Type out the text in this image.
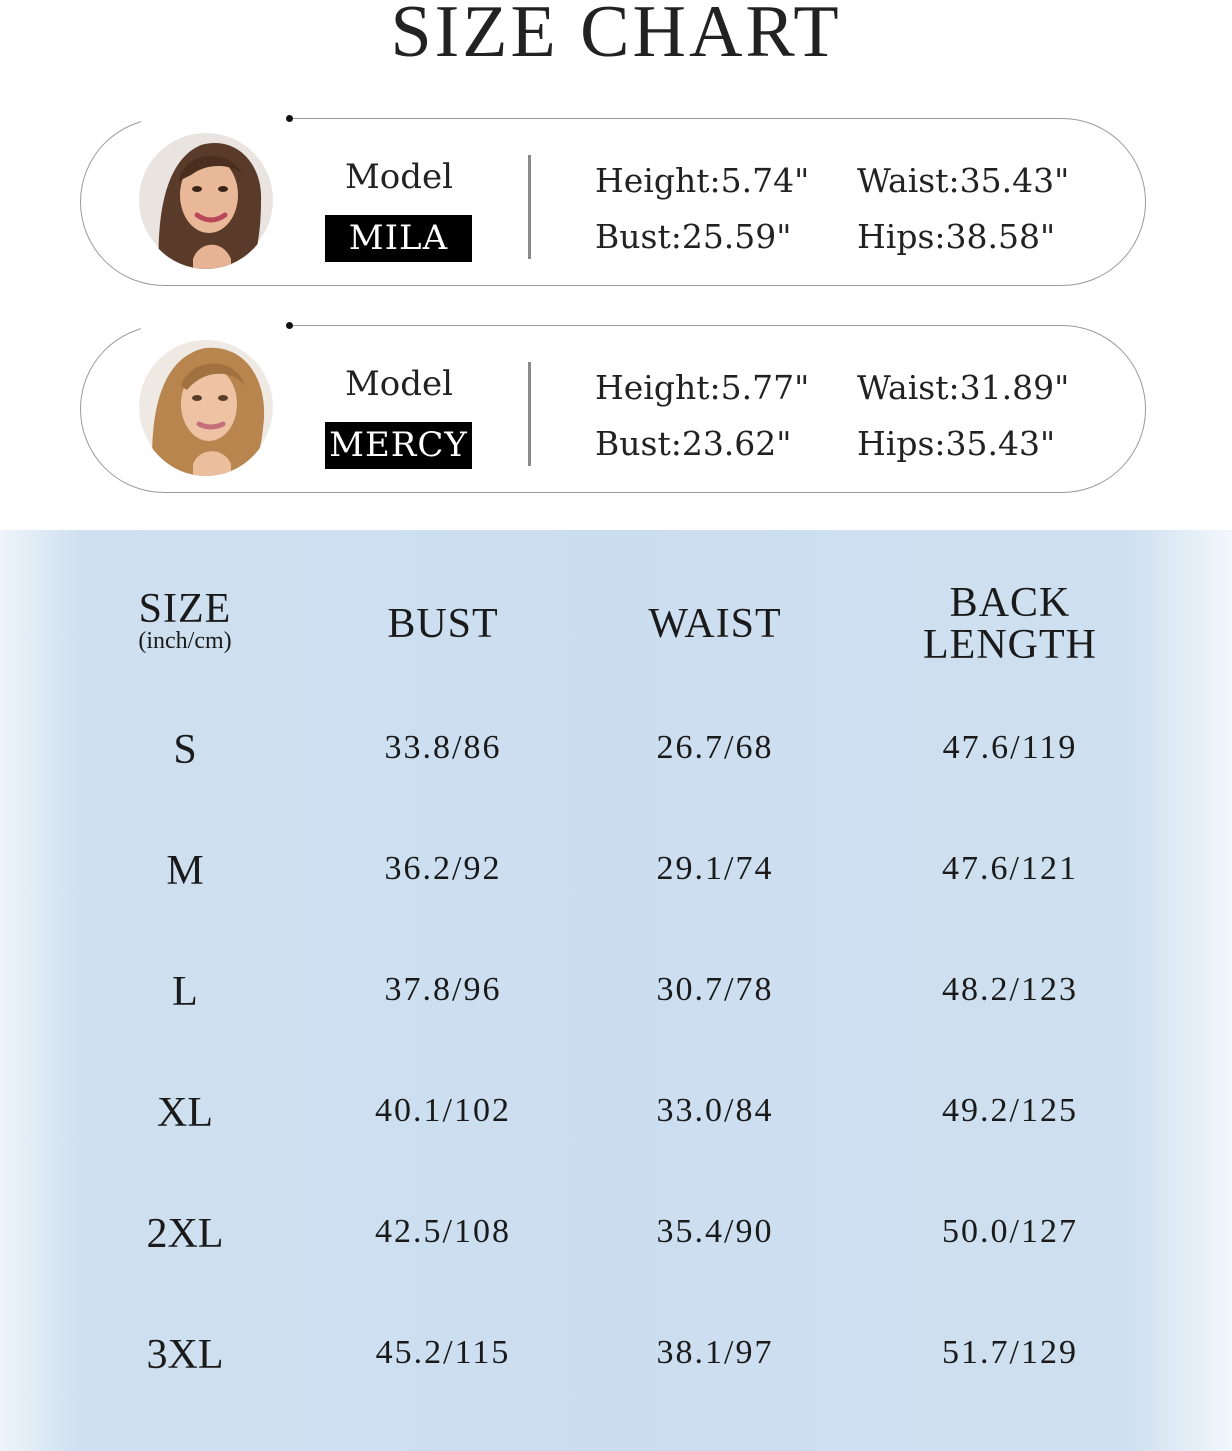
SIZE CHART
Model
MILA
Height:5.74" Waist:35.43"
Bust:25.59" Hips:38.58"
Model
MERCY
Height:5.77" Waist:31.89"
Bust:23.62" Hips:35.43"
SIZE
(inch/cm)	BUST	WAIST	BACK
LENGTH
S	33.8/86	26.7/68	47.6/119
M	36.2/92	29.1/74	47.6/121
L	37.8/96	30.7/78	48.2/123
XL	40.1/102	33.0/84	49.2/125
2XL	42.5/108	35.4/90	50.0/127
3XL	45.2/115	38.1/97	51.7/129
